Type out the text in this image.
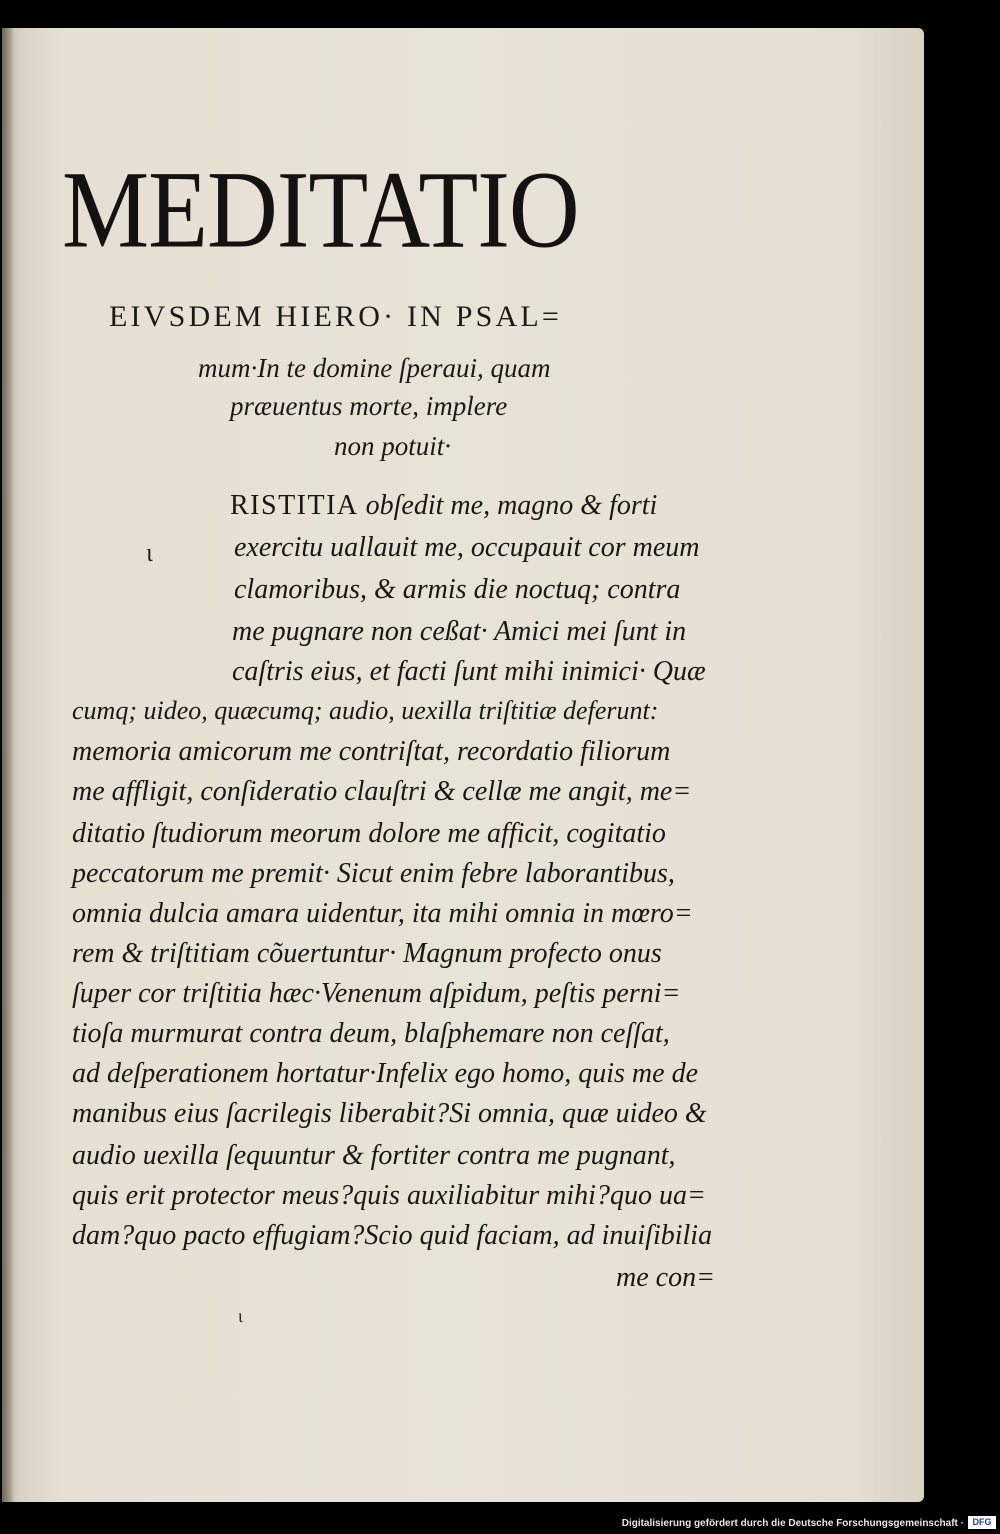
MEDITATIO
EIVSDEM HIERO· IN PSAL=
mum·In te domine ſperaui, quam
præuentus morte, implere
non potuit·
RISTITIA obſedit me, magno & forti
exercitu uallauit me, occupauit cor meum
clamoribus, & armis die noctuq; contra
me pugnare non ceßat· Amici mei ſunt in
caſtris eius, et facti ſunt mihi inimici· Quæ
cumq; uideo, quæcumq; audio, uexilla triſtitiæ deferunt:
memoria amicorum me contriſtat, recordatio filiorum
me affligit, conſideratio clauſtri & cellæ me angit, me=
ditatio ſtudiorum meorum dolore me afficit, cogitatio
peccatorum me premit· Sicut enim febre laborantibus,
omnia dulcia amara uidentur, ita mihi omnia in mœro=
rem & triſtitiam cõuertuntur· Magnum profecto onus
ſuper cor triſtitia hæc·Venenum aſpidum, peſtis perni=
tioſa murmurat contra deum, blaſphemare non ceſſat,
ad deſperationem hortatur·Infelix ego homo, quis me de
manibus eius ſacrilegis liberabit?Si omnia, quæ uideo &
audio uexilla ſequuntur & fortiter contra me pugnant,
quis erit protector meus?quis auxiliabitur mihi?quo ua=
dam?quo pacto effugiam?Scio quid faciam, ad inuiſibilia
me con=
ɩ
ɩ
Digitalisierung gefördert durch die Deutsche Forschungsgemeinschaft · DFG
